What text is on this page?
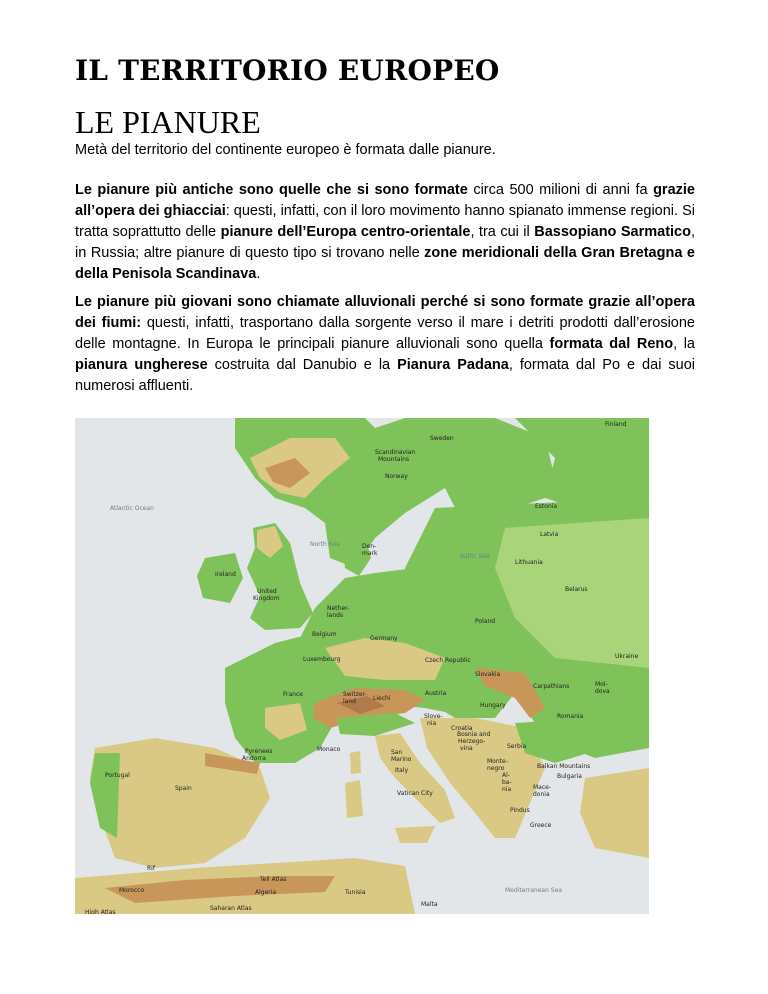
IL TERRITORIO EUROPEO
LE PIANURE
Metà del territorio del continente europeo è formata dalle pianure.
Le pianure più antiche sono quelle che si sono formate circa 500 milioni di anni fa grazie all’opera dei ghiacciai: questi, infatti, con il loro movimento hanno spianato immense regioni. Si tratta soprattutto delle pianure dell’Europa centro-orientale, tra cui il Bassopiano Sarmatico, in Russia; altre pianure di questo tipo si trovano nelle zone meridionali della Gran Bretagna e della Penisola Scandinava.
Le pianure più giovani sono chiamate alluvionali perché si sono formate grazie all’opera dei fiumi: questi, infatti, trasportano dalla sorgente verso il mare i detriti prodotti dall’erosione delle montagne. In Europa le principali pianure alluvionali sono quella formata dal Reno, la pianura ungherese costruita dal Danubio e la Pianura Padana, formata dal Po e dai suoi numerosi affluenti.
Finland
Sweden
Scandinavian
Mountains
Norway
Atlantic Ocean	Estonia
Latvia
North Sea	Den-
mark	Baltic Sea
Lithuania
Ireland
United
Kingdom
Belarus
Nether-
lands
Poland
Belgium
Germany
Ukraine
Luxembourg	Czech Republic
Slovakia
Mol-
dova
France	Switzer-
land	Liechi
Austria
Hungary
Carpathians
Romania
Slove-
nia
Croatia
Pyrenees
Andorra
Monaco	San
Marino
Bosnia and
Herzego-
vina	Serbia
Balkan Mountains
Bulgaria
Portugal
Italy
Monte-
negro
Spain
Vatican City
Al-
ba-
nia	Mace-
donia
Pindus
Greece
Rif
Tell Atlas
Morocco	Algeria	Tunisia	Mediterranean Sea
Malta
High Atlas
Saharan Atlas
